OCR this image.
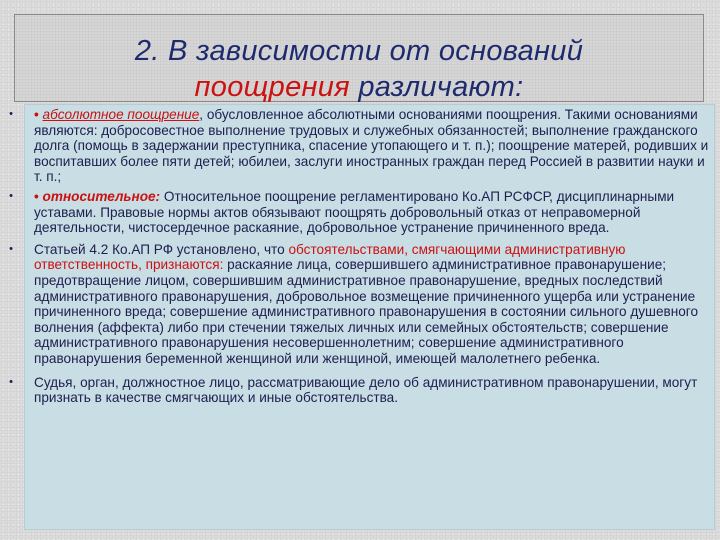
2. В зависимости от оснований
поощрения различают:
• • абсолютное поощрение, обусловленное абсолютными основаниями поощрения. Такими основаниями являются: добросовестное выполнение трудовых и служебных обязанностей; выполнение гражданского долга (помощь в задержании преступника, спасение утопающего и т. п.); поощрение матерей, родивших и воспитавших более пяти детей; юбилеи, заслуги иностранных граждан перед Россией в развитии науки и т. п.;
• • относительное: Относительное поощрение регламентировано Ко.АП РСФСР, дисциплинарными уставами. Правовые нормы актов обязывают поощрять добровольный отказ от неправомерной деятельности, чистосердечное раскаяние, добровольное устранение причиненного вреда.
• Статьей 4.2 Ко.АП РФ установлено, что обстоятельствами, смягчающими административную ответственность, признаются: раскаяние лица, совершившего административное правонарушение; предотвращение лицом, совершившим административное правонарушение, вредных последствий административного правонарушения, добровольное возмещение причиненного ущерба или устранение причиненного вреда; совершение административного правонарушения в состоянии сильного душевного волнения (аффекта) либо при стечении тяжелых личных или семейных обстоятельств; совершение административного правонарушения несовершеннолетним; совершение административного правонарушения беременной женщиной или женщиной, имеющей малолетнего ребенка.
• Судья, орган, должностное лицо, рассматривающие дело об административном правонарушении, могут признать в качестве смягчающих и иные обстоятельства.
